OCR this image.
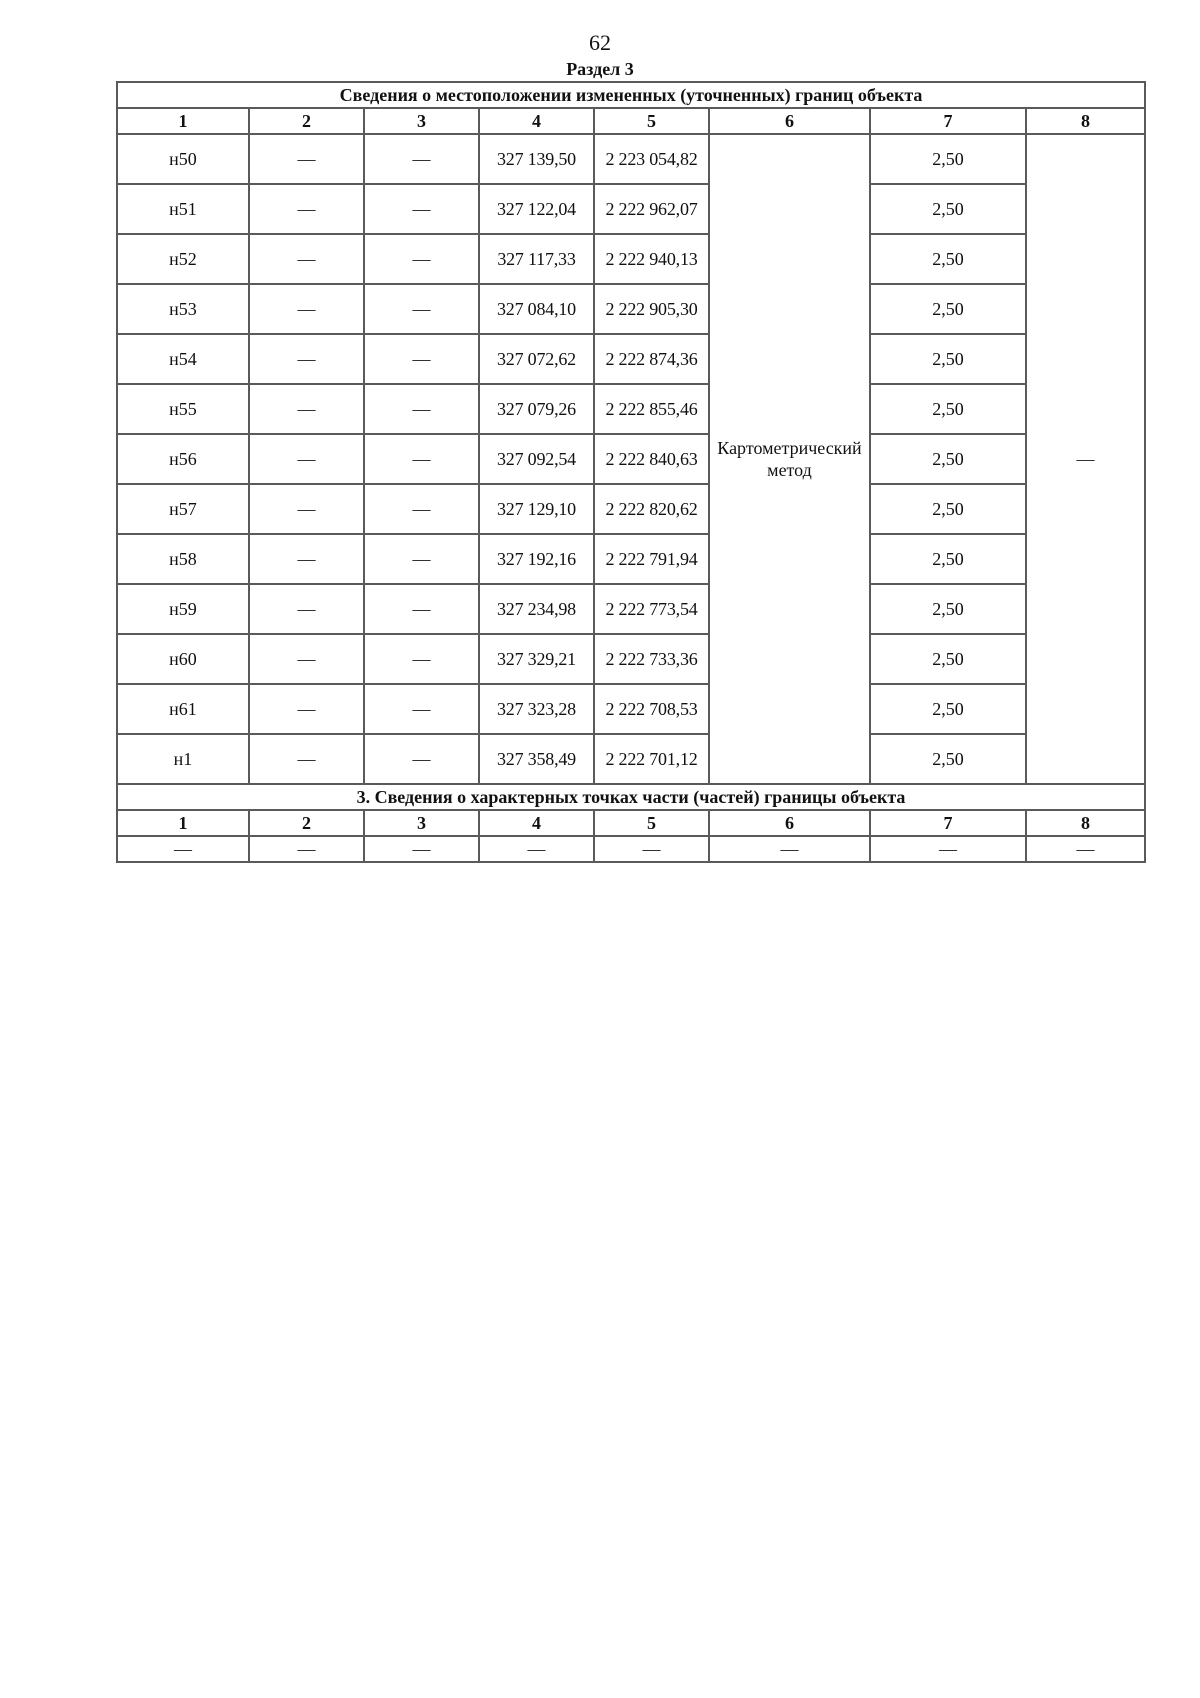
62
Раздел 3
Сведения о местоположении измененных (уточненных) границ объекта							
1	2	3	4	5	6	7	8
н50	—	—	327 139,50	2 223 054,82	Картометрический метод	2,50	—
н51	—	—	327 122,04	2 222 962,07		2,50	
н52	—	—	327 117,33	2 222 940,13		2,50	
н53	—	—	327 084,10	2 222 905,30		2,50	
н54	—	—	327 072,62	2 222 874,36		2,50	
н55	—	—	327 079,26	2 222 855,46		2,50	
н56	—	—	327 092,54	2 222 840,63		2,50	
н57	—	—	327 129,10	2 222 820,62		2,50	
н58	—	—	327 192,16	2 222 791,94		2,50	
н59	—	—	327 234,98	2 222 773,54		2,50	
н60	—	—	327 329,21	2 222 733,36		2,50	
н61	—	—	327 323,28	2 222 708,53		2,50	
н1	—	—	327 358,49	2 222 701,12		2,50	
3. Сведения о характерных точках части (частей) границы объекта							
1	2	3	4	5	6	7	8
—	—	—	—	—	—	—	—
